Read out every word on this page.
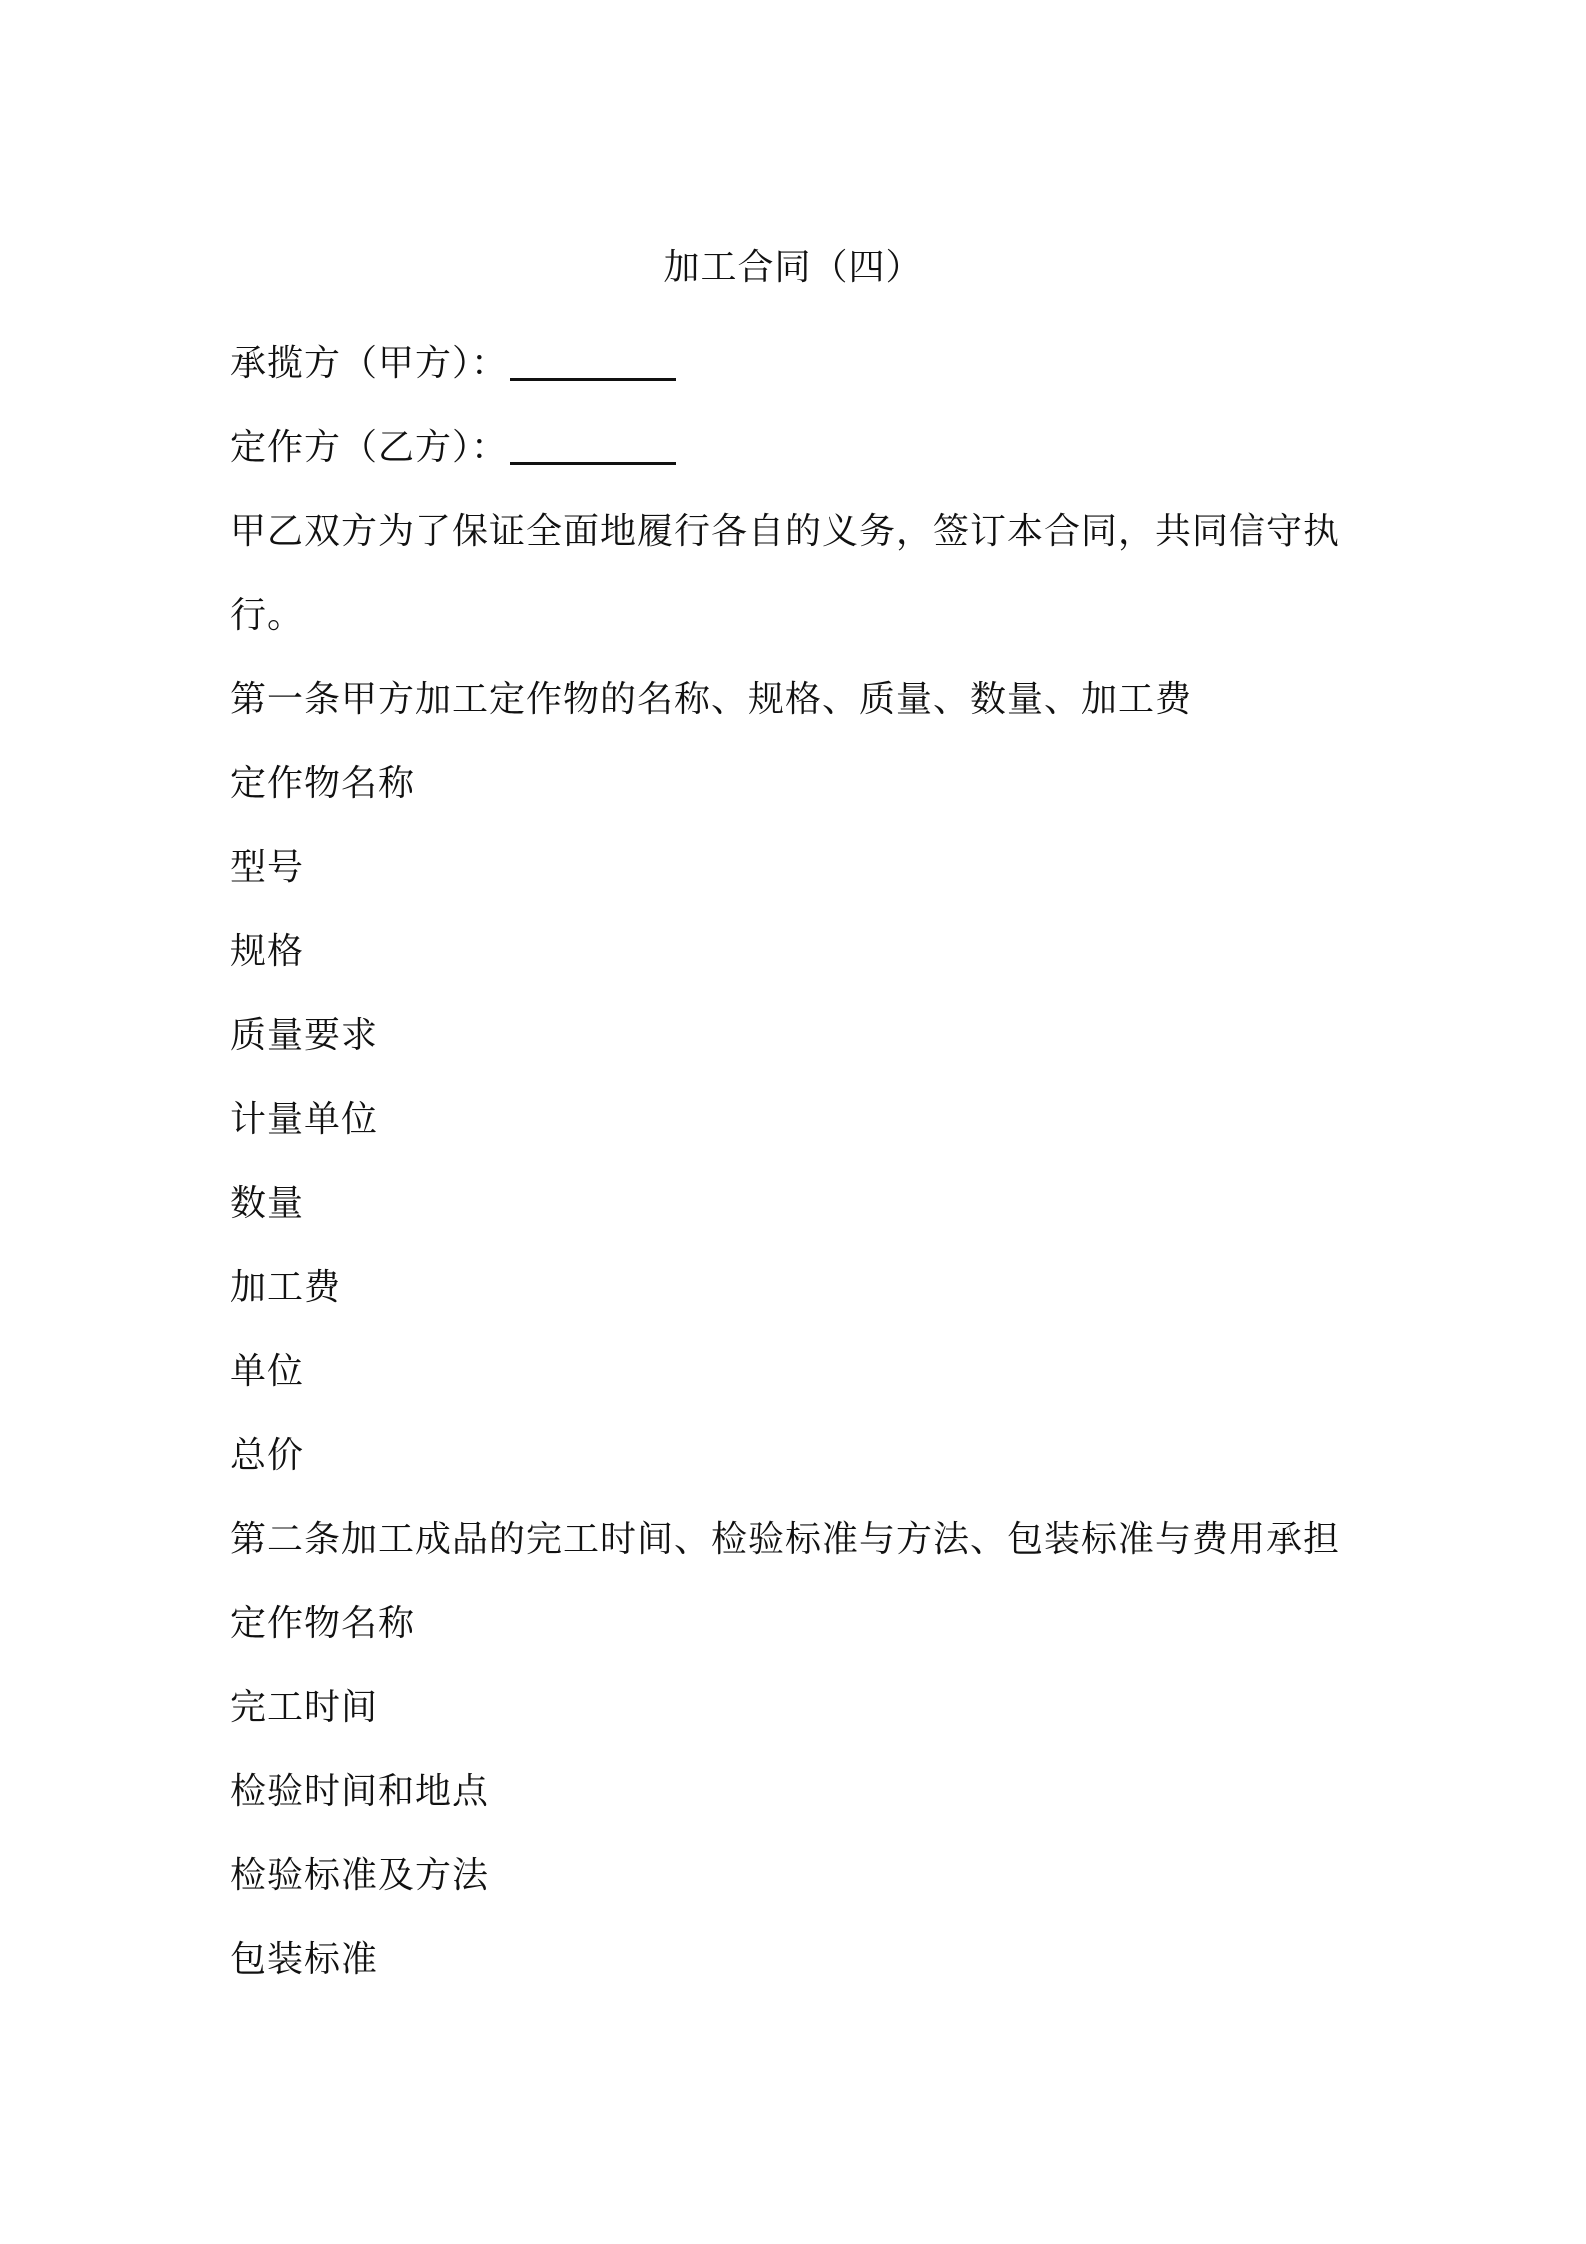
加工合同（四）
承揽方（甲方）：
定作方（乙方）：
甲乙双方为了保证全面地履行各自的义务，签订本合同，共同信守执
行。
第一条甲方加工定作物的名称、规格、质量、数量、加工费
定作物名称
型号
规格
质量要求
计量单位
数量
加工费
单位
总价
第二条加工成品的完工时间、检验标准与方法、包装标准与费用承担
定作物名称
完工时间
检验时间和地点
检验标准及方法
包装标准
